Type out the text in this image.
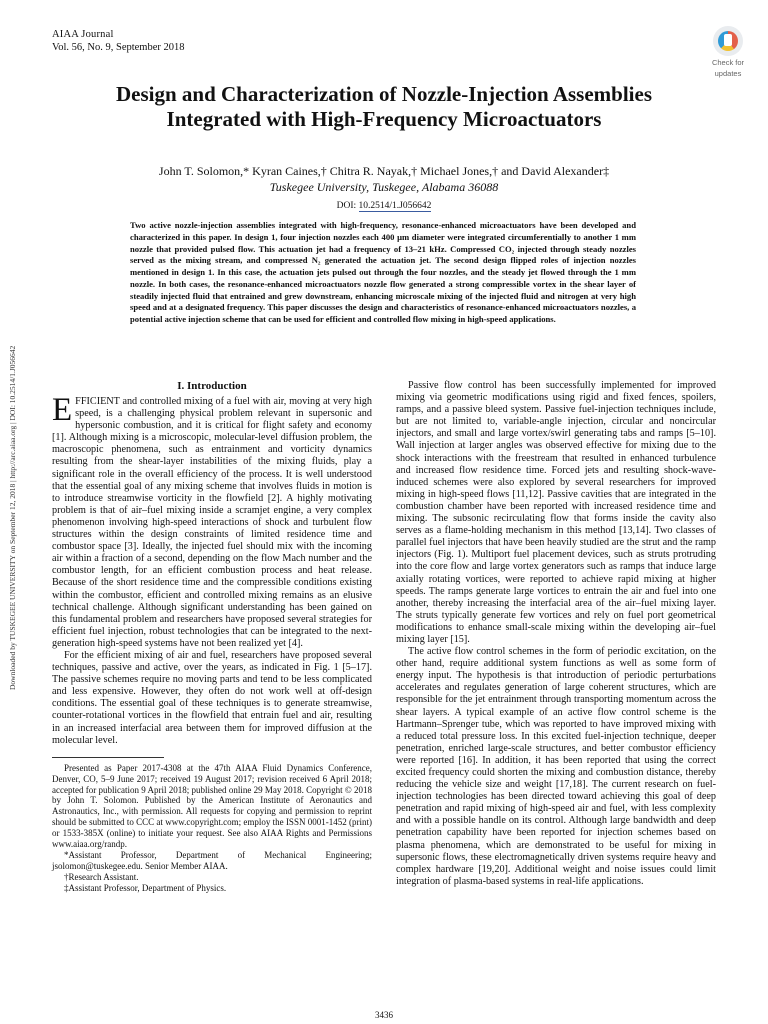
AIAA Journal
Vol. 56, No. 9, September 2018
Check for
updates
Design and Characterization of Nozzle-Injection Assemblies
Integrated with High-Frequency Microactuators
John T. Solomon,* Kyran Caines,† Chitra R. Nayak,† Michael Jones,† and David Alexander‡
Tuskegee University, Tuskegee, Alabama 36088
DOI: 10.2514/1.J056642
Two active nozzle-injection assemblies integrated with high-frequency, resonance-enhanced microactuators have been developed and characterized in this paper. In design 1, four injection nozzles each 400 μm diameter were integrated circumferentially to another 1 mm nozzle that provided pulsed flow. This actuation jet had a frequency of 13–21 kHz. Compressed CO₂ injected through steady nozzles served as the mixing stream, and compressed N₂ generated the actuation jet. The second design flipped roles of injection nozzles mentioned in design 1. In this case, the actuation jets pulsed out through the four nozzles, and the steady jet flowed through the 1 mm nozzle. In both cases, the resonance-enhanced microactuators nozzle flow generated a strong compressible vortex in the shear layer of steadily injected fluid that entrained and grew downstream, enhancing microscale mixing of the injected fluid and nitrogen at very high speed and at a designated frequency. This paper discusses the design and characteristics of resonance-enhanced microactuators nozzles, a potential active injection scheme that can be used for efficient and controlled flow mixing in high-speed applications.
Downloaded by TUSKEGEE UNIVERSITY on September 12, 2018 | http://arc.aiaa.org | DOI: 10.2514/1.J056642	I. Introduction

EFFICIENT and controlled mixing of a fuel with air, moving at very high speed, is a challenging physical problem relevant in supersonic and hypersonic combustion, and it is critical for flight safety and economy [1]. Although mixing is a microscopic, molecular-level diffusion problem, the macroscopic phenomena, such as entrainment and vorticity dynamics resulting from the shear-layer instabilities of the mixing fluids, play a significant role in the overall efficiency of the process. It is well understood that the essential goal of any mixing scheme that involves fluids in motion is to introduce streamwise vorticity in the flowfield [2]. A highly motivating problem is that of air–fuel mixing inside a scramjet engine, a very complex phenomenon involving high-speed interactions of shock and turbulent flow structures within the design constraints of limited residence time and combustor space [3]. Ideally, the injected fuel should mix with the incoming air within a fraction of a second, depending on the flow Mach number and the combustor length, for an efficient combustion process and heat release. Because of the short residence time and the compressible conditions existing within the combustor, efficient and controlled mixing remains as an elusive technical challenge. Although significant understanding has been gained on this fundamental problem and researchers have proposed several strategies for efficient fuel injection, robust technologies that can be integrated to the next-generation high-speed systems have not been realized yet [4].

For the efficient mixing of air and fuel, researchers have proposed several techniques, passive and active, over the years, as indicated in Fig. 1 [5–17]. The passive schemes require no moving parts and tend to be less complicated and less expensive. However, they often do not work well at off-design conditions. The essential goal of these techniques is to generate streamwise, counter-rotational vortices in the flowfield that entrain fuel and air, resulting in an increased interfacial area between them for improved diffusion at the molecular level.

Presented as Paper 2017-4308 at the 47th AIAA Fluid Dynamics Conference, Denver, CO, 5–9 June 2017; received 19 August 2017; revision received 6 April 2018; accepted for publication 9 April 2018; published online 29 May 2018. Copyright © 2018 by John T. Solomon. Published by the American Institute of Aeronautics and Astronautics, Inc., with permission. All requests for copying and permission to reprint should be submitted to CCC at www.copyright.com; employ the ISSN 0001-1452 (print) or 1533-385X (online) to initiate your request. See also AIAA Rights and Permissions www.aiaa.org/randp.

*Assistant Professor, Department of Mechanical Engineering; jsolomon@tuskegee.edu. Senior Member AIAA.

†Research Assistant.

‡Assistant Professor, Department of Physics.

Passive flow control has been successfully implemented for improved mixing via geometric modifications using rigid and fixed fences, spoilers, ramps, and a passive bleed system. Passive fuel-injection techniques include, but are not limited to, variable-angle injection, circular and noncircular injectors, and small and large vortex/swirl generating tabs and ramps [5–10]. Wall injection at larger angles was observed effective for mixing due to the shock interactions with the freestream that resulted in enhanced turbulence and increased flow residence time. Forced jets and resulting shock-wave-induced schemes were also explored by several researchers for improved mixing in high-speed flows [11,12]. Passive cavities that are integrated in the combustion chamber have been reported with increased residence time and mixing. The subsonic recirculating flow that forms inside the cavity also serves as a flame-holding mechanism in this method [13,14]. Two classes of parallel fuel injectors that have been heavily studied are the strut and the ramp injectors (Fig. 1). Multiport fuel placement devices, such as struts protruding into the core flow and large vortex generators such as ramps that induce large axially rotating vortices, were reported to achieve rapid mixing at higher speeds. The ramps generate large vortices to entrain the air and fuel into one another, thereby increasing the interfacial area of the air–fuel mixing layer. The struts typically generate few vortices and rely on fuel port geometrical modifications to enhance small-scale mixing within the developing air–fuel mixing layer [15].

The active flow control schemes in the form of periodic excitation, on the other hand, require additional system functions as well as some form of energy input. The hypothesis is that introduction of periodic perturbations accelerates and regulates generation of large coherent structures, which are responsible for the jet entrainment through transporting momentum across the shear layers. A typical example of an active flow control scheme is the Hartmann–Sprenger tube, which was reported to have improved mixing with a reduced total pressure loss. In this excited fuel-injection technique, deeper penetration, enriched large-scale structures, and better combustor efficiency were reported [16]. In addition, it has been reported that using the correct excited frequency could shorten the mixing and combustion distance, thereby reducing the vehicle size and weight [17,18]. The current research on fuel-injection technologies has been directed toward achieving this goal of deep penetration and rapid mixing of high-speed air and fuel, with less complexity and with a possible handle on its control. Although large bandwidth and deep penetration capability have been reported for injection schemes based on plasma phenomena, which are demonstrated to be useful for mixing in supersonic flows, these electromagnetically driven systems require heavy and complex hardware [19,20]. Additional weight and noise issues could limit integration of plasma-based systems in real-life applications.

3436
